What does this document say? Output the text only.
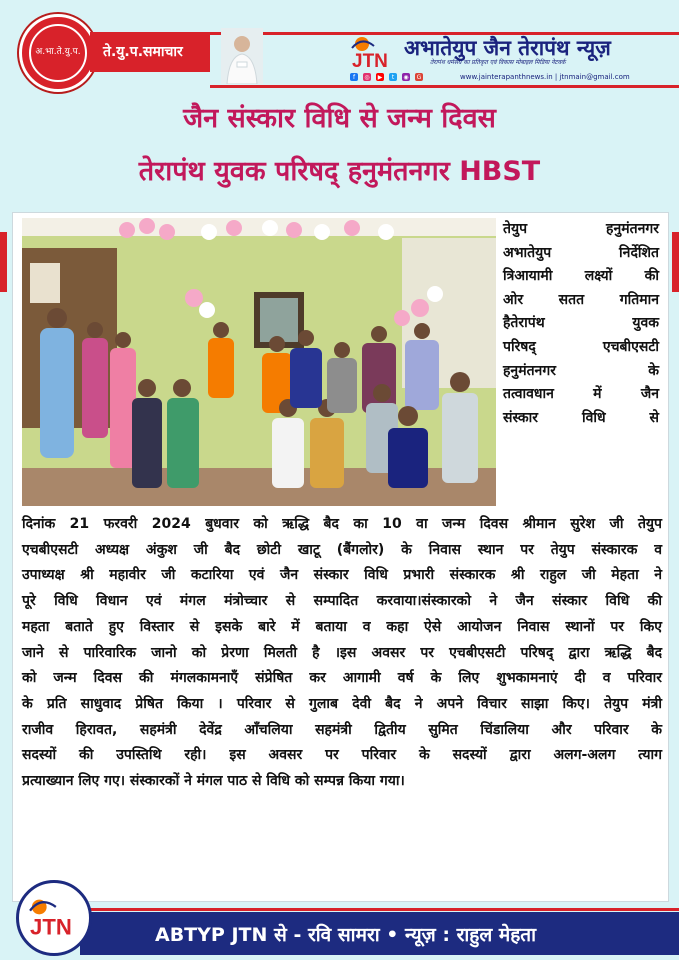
अ.भा.ते.यु.प.	ते.यु.प.समाचार	JTN
अभातेयुप जैन तेरापंथ न्यूज़
तेरापंथ धर्मसंघ का प्रतिकृत एवं विकास मोबाइल मिडिया नेटवर्क
f	◎ ▶	t	◉ G	www.jainterapanthnews.in | jtnmain@gmail.com
जैन संस्कार विधि से जन्म दिवस
तेरापंथ युवक परिषद् हनुमंतनगर HBST

तेयुप हनुमंतनगर

अभातेयुप निर्देशित

त्रिआयामी लक्ष्यों की

ओर सतत गतिमान

हैतेरापंथ युवक

परिषद् एचबीएसटी

हनुमंतनगर के

तत्वावधान में जैन

संस्कार विधि से

दिनांक 21 फरवरी 2024 बुधवार को ऋद्धि बैद का 10 वा जन्म दिवस श्रीमान सुरेश जी तेयुप

एचबीएसटी अध्यक्ष अंकुश जी बैद छोटी खाटू (बैंगलोर) के निवास स्थान पर तेयुप संस्कारक व

उपाध्यक्ष श्री महावीर जी कटारिया एवं जैन संस्कार विधि प्रभारी संस्कारक श्री राहुल जी मेहता ने

पूरे विधि विधान एवं मंगल मंत्रोच्चार से सम्पादित करवाया।संस्कारको ने जैन संस्कार विधि की

महता बताते हुए विस्तार से इसके बारे में बताया व कहा ऐसे आयोजन निवास स्थानों पर किए

जाने से पारिवारिक जानो को प्रेरणा मिलती है ।इस अवसर पर एचबीएसटी परिषद् द्वारा ऋद्धि बैद

को जन्म दिवस की मंगलकामनाएँ संप्रेषित कर आगामी वर्ष के लिए शुभकामनाएं दी व परिवार

के प्रति साधुवाद प्रेषित किया । परिवार से गुलाब देवी बैद ने अपने विचार साझा किए। तेयुप मंत्री

राजीव हिरावत, सहमंत्री देवेंद्र आँचलिया सहमंत्री द्वितीय सुमित चिंडालिया और परिवार के

सदस्यों की उपस्तिथि रही। इस अवसर पर परिवार के सदस्यों द्वारा अलग-अलग त्याग

प्रत्याख्यान लिए गए। संस्कारकों ने मंगल पाठ से विधि को सम्पन्न किया गया।

ABTYP JTN से - रवि सामरा • न्यूज़ : राहुल मेहता
JTN
